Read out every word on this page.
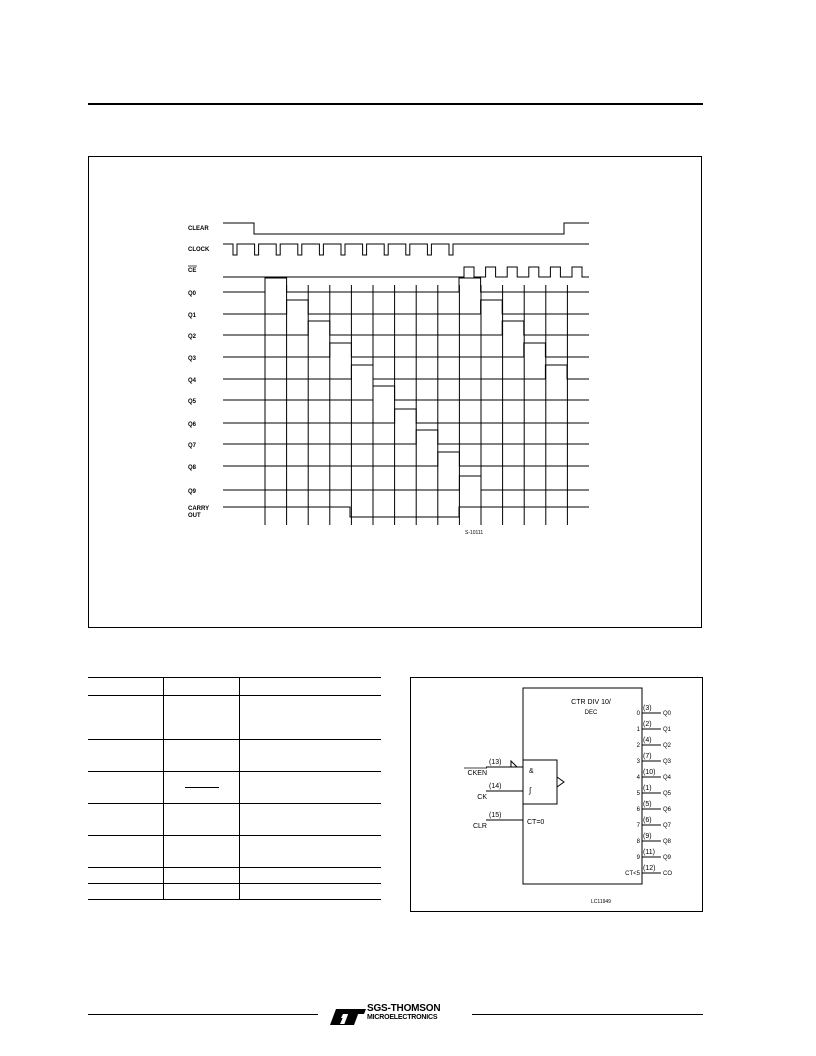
CLEAR
CLOCK
CE
Q0
Q1
Q2
Q3
Q4
Q5
Q6
Q7
Q8
Q9
CARRY
OUT
S-10111

CTR DIV 10/
DEC
&
∫
CT=0
(13)
CKEN
(14)
CK
(15)
CLR
0
(3)
Q0
1
(2)
Q1
2
(4)
Q2
3
(7)
Q3
4
(10)
Q4
5
(1)
Q5
6
(5)
Q6
7
(6)
Q7
8
(9)
Q8
9
(11)
Q9
CT<5
(12)
CO
LC11949
SGS-THOMSON
MICROELECTRONICS
